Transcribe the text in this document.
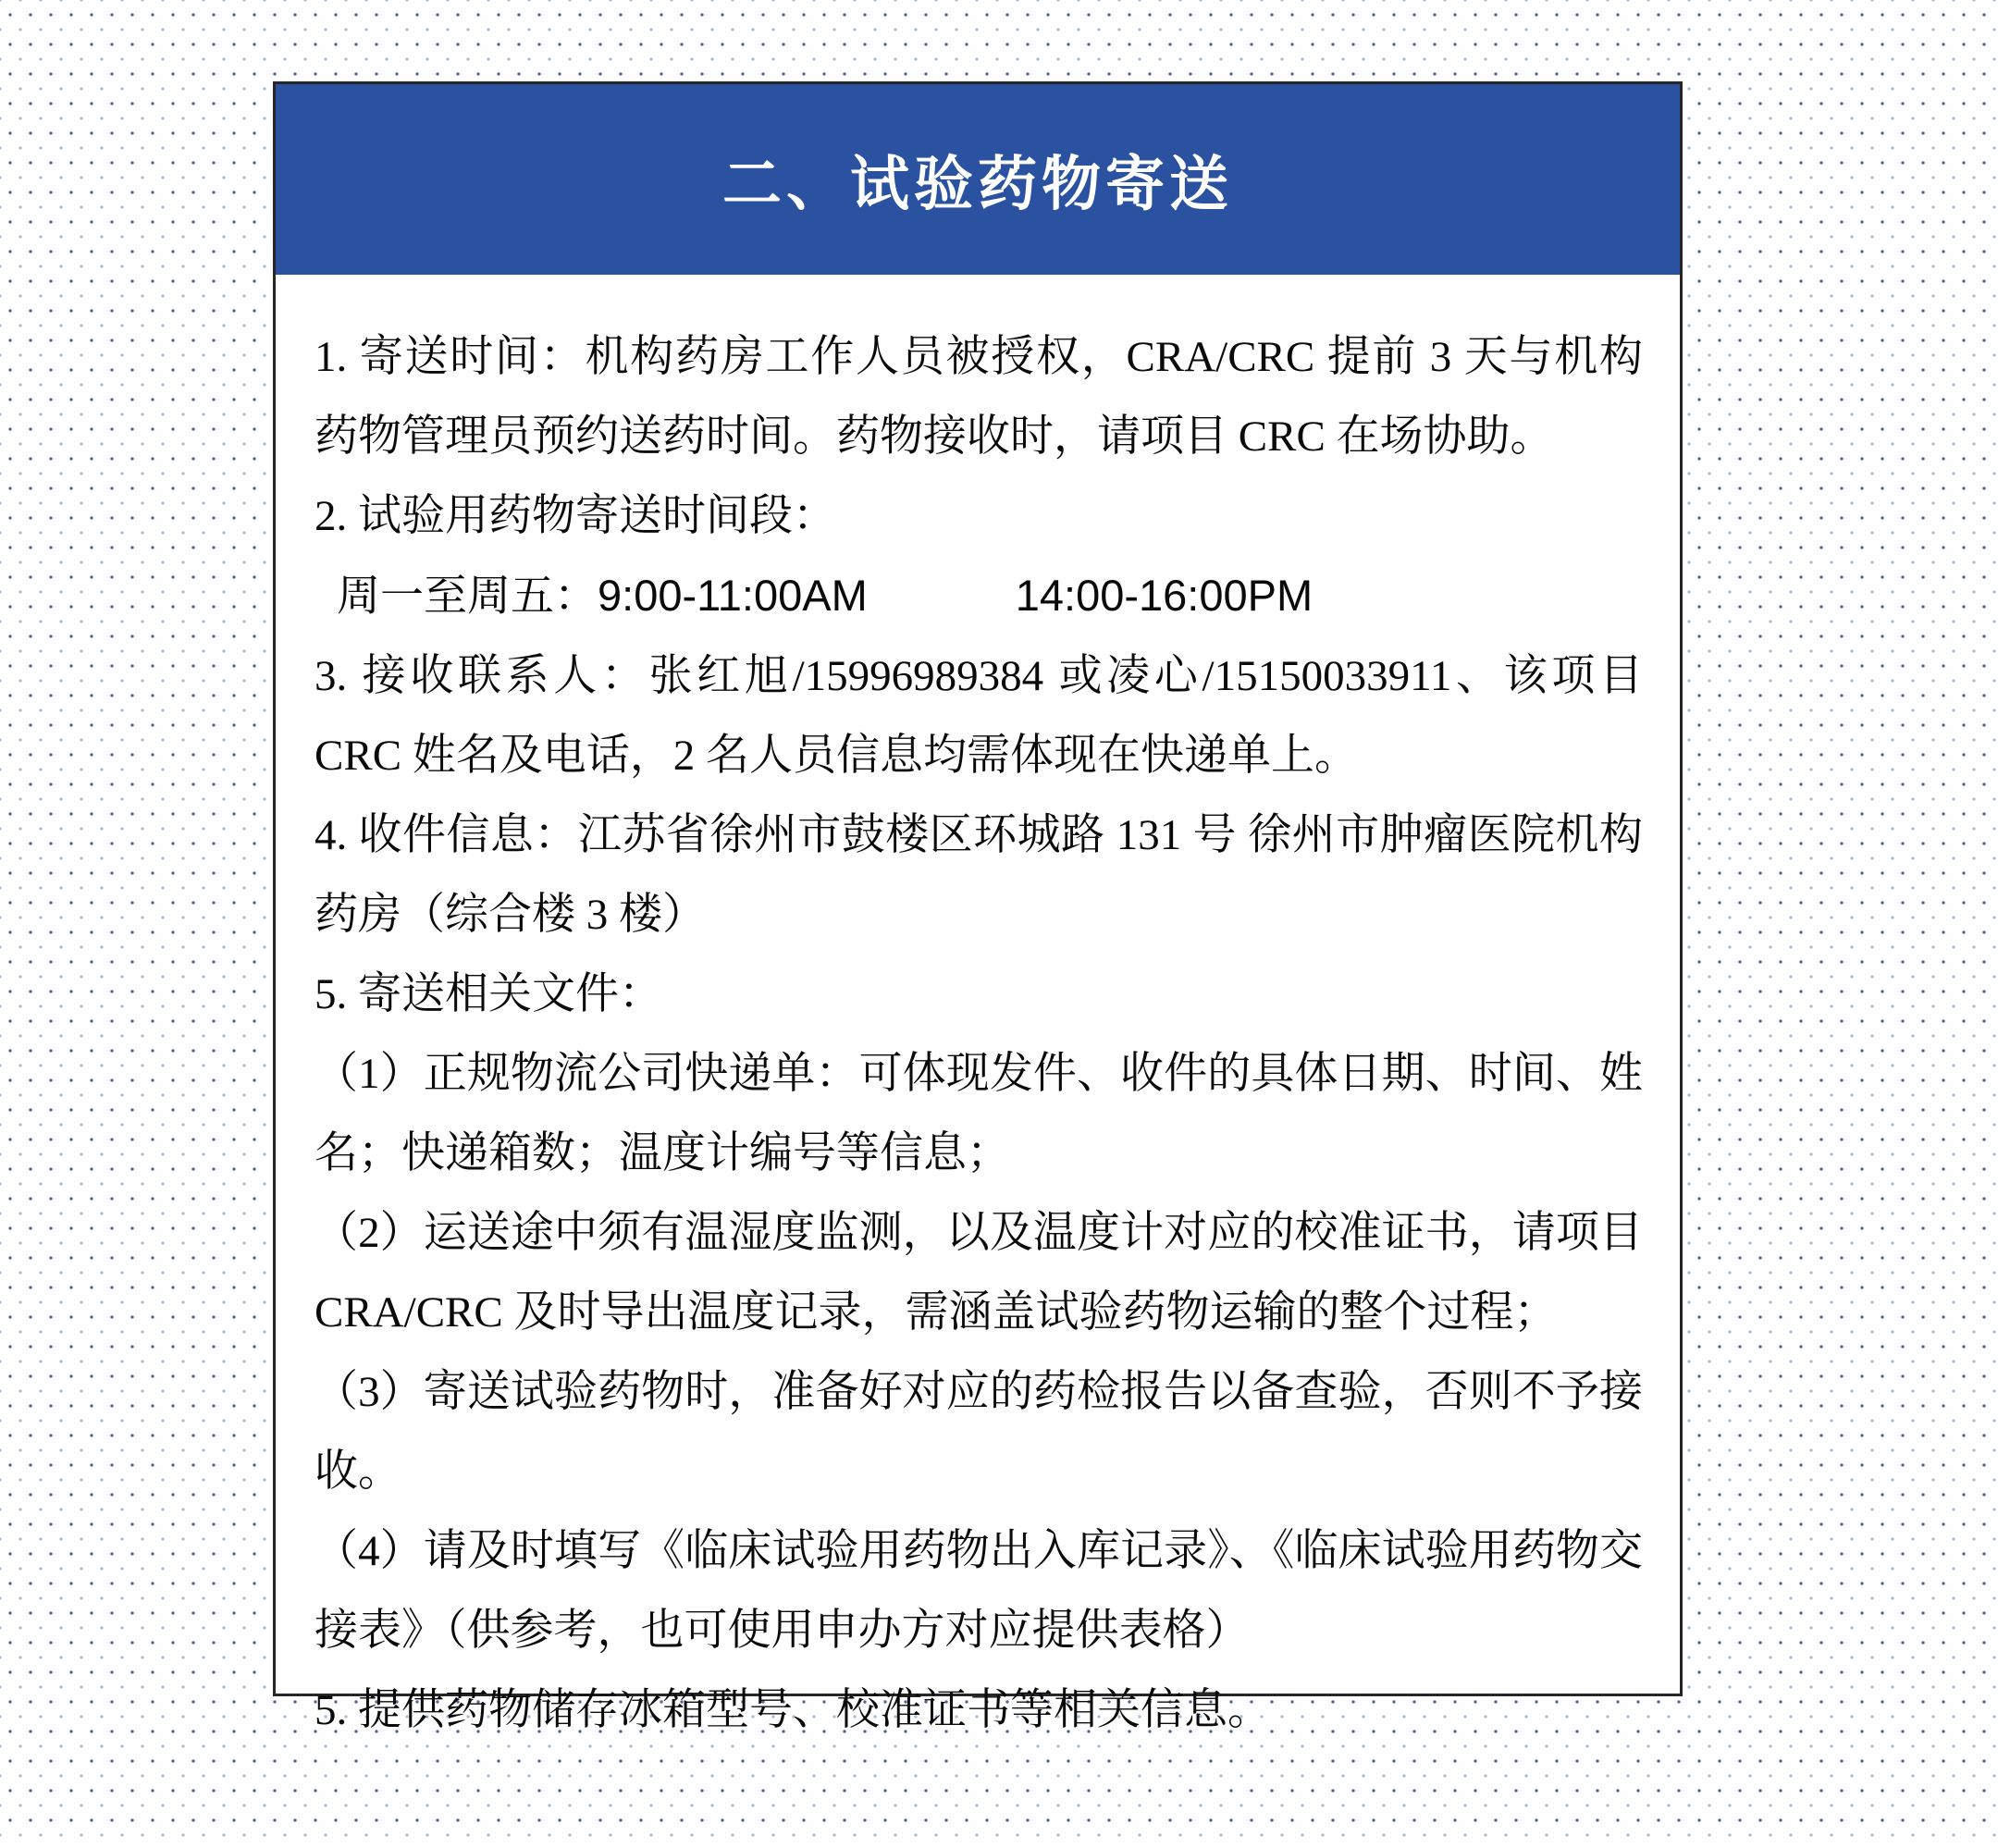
二、试验药物寄送

1. 寄送时间：机构药房工作人员被授权，CRA/CRC 提前 3 天与机构药物管理员预约送药时间。药物接收时，请项目 CRC 在场协助。

2. 试验用药物寄送时间段：

周一至周五：9:00-11:00AM	14:00-16:00PM

3. 接收联系人：张红旭/15996989384 或凌心/15150033911、该项目 CRC 姓名及电话，2 名人员信息均需体现在快递单上。

4. 收件信息：江苏省徐州市鼓楼区环城路 131 号 徐州市肿瘤医院机构药房（综合楼 3 楼）

5. 寄送相关文件：

（1）正规物流公司快递单：可体现发件、收件的具体日期、时间、姓名；快递箱数；温度计编号等信息；

（2）运送途中须有温湿度监测，以及温度计对应的校准证书，请项目 CRA/CRC 及时导出温度记录，需涵盖试验药物运输的整个过程；

（3）寄送试验药物时，准备好对应的药检报告以备查验，否则不予接收。

（4）请及时填写《临床试验用药物出入库记录》、《临床试验用药物交接表》（供参考，也可使用申办方对应提供表格）

5. 提供药物储存冰箱型号、校准证书等相关信息。
